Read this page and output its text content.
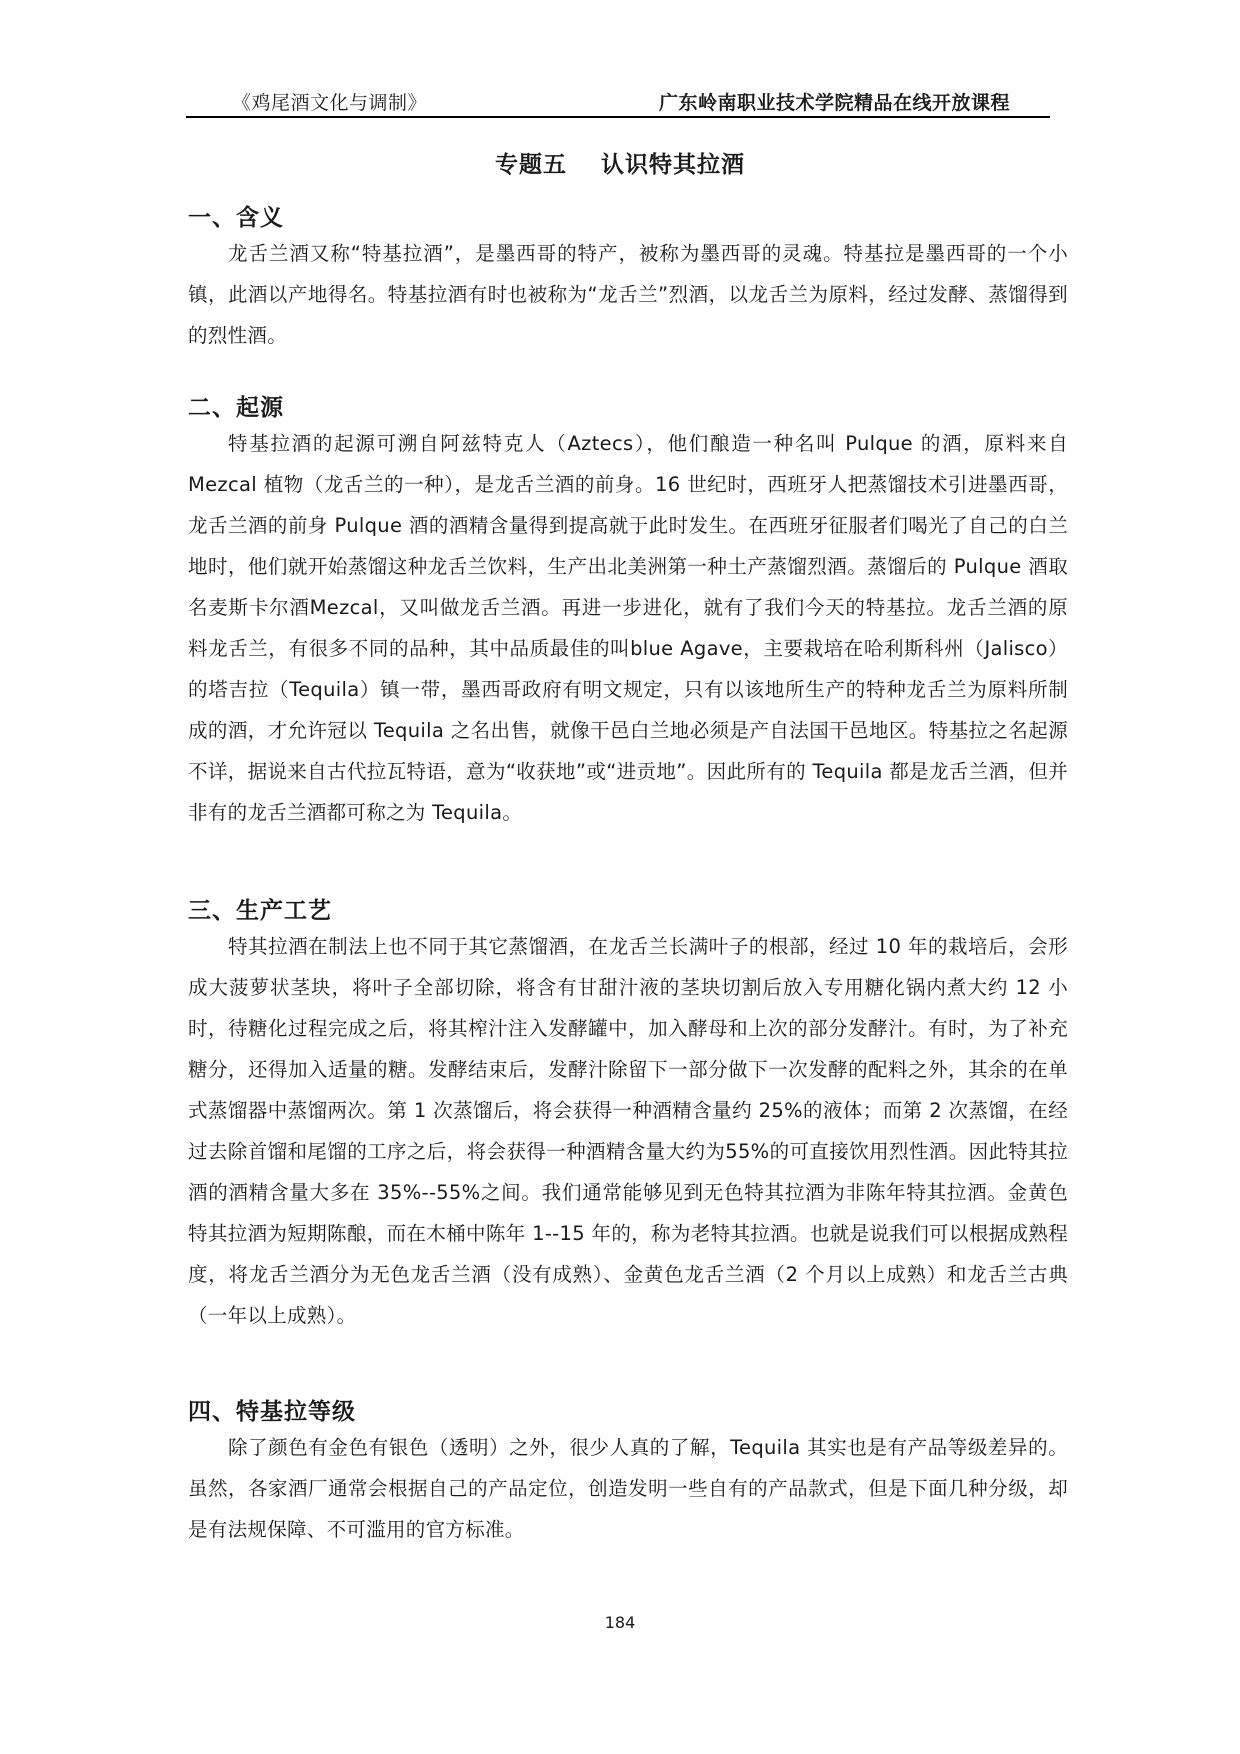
《鸡尾酒文化与调制》	广东岭南职业技术学院精品在线开放课程
专题五 认识特其拉酒
一、含义

龙舌兰酒又称“特基拉酒”，是墨西哥的特产，被称为墨西哥的灵魂。特基拉是墨西哥的一个小镇，此酒以产地得名。特基拉酒有时也被称为“龙舌兰”烈酒，以龙舌兰为原料，经过发酵、蒸馏得到的烈性酒。

二、起源

特基拉酒的起源可溯自阿兹特克人（Aztecs），他们酿造一种名叫 Pulque 的酒，原料来自 Mezcal 植物（龙舌兰的一种），是龙舌兰酒的前身。16 世纪时，西班牙人把蒸馏技术引进墨西哥，龙舌兰酒的前身 Pulque 酒的酒精含量得到提高就于此时发生。在西班牙征服者们喝光了自己的白兰地时，他们就开始蒸馏这种龙舌兰饮料，生产出北美洲第一种土产蒸馏烈酒。蒸馏后的 Pulque 酒取名麦斯卡尔酒Mezcal，又叫做龙舌兰酒。再进一步进化，就有了我们今天的特基拉。龙舌兰酒的原料龙舌兰，有很多不同的品种，其中品质最佳的叫blue Agave，主要栽培在哈利斯科州（Jalisco）的塔吉拉（Tequila）镇一带，墨西哥政府有明文规定，只有以该地所生产的特种龙舌兰为原料所制成的酒，才允许冠以 Tequila 之名出售，就像干邑白兰地必须是产自法国干邑地区。特基拉之名起源不详，据说来自古代拉瓦特语，意为“收获地”或“进贡地”。因此所有的 Tequila 都是龙舌兰酒，但并非有的龙舌兰酒都可称之为 Tequila。

三、生产工艺

特其拉酒在制法上也不同于其它蒸馏酒，在龙舌兰长满叶子的根部，经过 10 年的栽培后，会形成大菠萝状茎块，将叶子全部切除，将含有甘甜汁液的茎块切割后放入专用糖化锅内煮大约 12 小时，待糖化过程完成之后，将其榨汁注入发酵罐中，加入酵母和上次的部分发酵汁。有时，为了补充糖分，还得加入适量的糖。发酵结束后，发酵汁除留下一部分做下一次发酵的配料之外，其余的在单式蒸馏器中蒸馏两次。第 1 次蒸馏后，将会获得一种酒精含量约 25%的液体；而第 2 次蒸馏，在经过去除首馏和尾馏的工序之后，将会获得一种酒精含量大约为55%的可直接饮用烈性酒。因此特其拉酒的酒精含量大多在 35%--55%之间。我们通常能够见到无色特其拉酒为非陈年特其拉酒。金黄色特其拉酒为短期陈酿，而在木桶中陈年 1--15 年的，称为老特其拉酒。也就是说我们可以根据成熟程度，将龙舌兰酒分为无色龙舌兰酒（没有成熟）、金黄色龙舌兰酒（2 个月以上成熟）和龙舌兰古典（一年以上成熟）。

四、特基拉等级

除了颜色有金色有银色（透明）之外，很少人真的了解，Tequila 其实也是有产品等级差异的。虽然，各家酒厂通常会根据自己的产品定位，创造发明一些自有的产品款式，但是下面几种分级，却是有法规保障、不可滥用的官方标准。

184
